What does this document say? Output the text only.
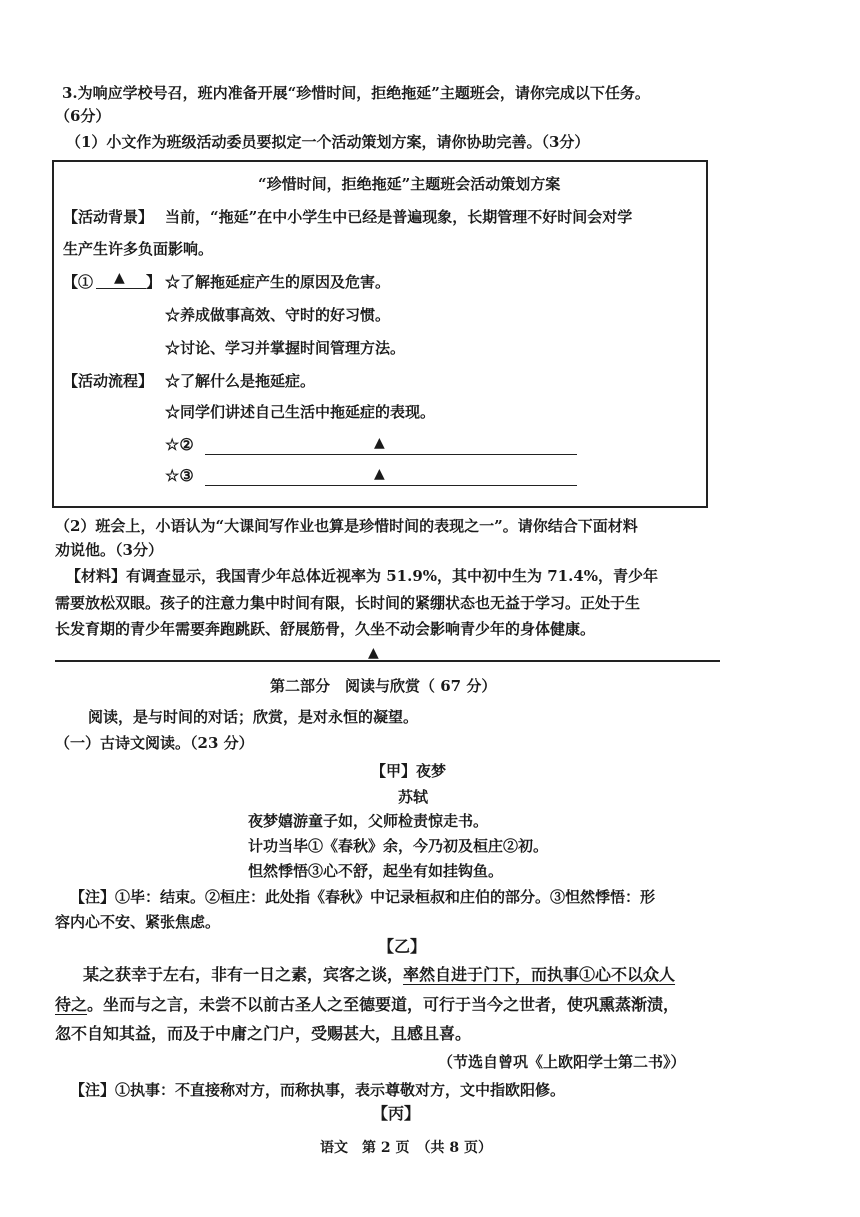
3.为响应学校号召，班内准备开展“珍惜时间，拒绝拖延”主题班会，请你完成以下任务。
（6分）
（1）小文作为班级活动委员要拟定一个活动策划方案，请你协助完善。（3分）
“珍惜时间，拒绝拖延”主题班会活动策划方案
【活动背景】 当前，“拖延”在中小学生中已经是普遍现象，长期管理不好时间会对学
生产生许多负面影响。
【① ▲ 】 ☆了解拖延症产生的原因及危害。
☆养成做事高效、守时的好习惯。
☆讨论、学习并掌握时间管理方法。
【活动流程】 ☆了解什么是拖延症。
☆同学们讲述自己生活中拖延症的表现。
☆②	▲
☆③	▲
（2）班会上，小语认为“大课间写作业也算是珍惜时间的表现之一”。请你结合下面材料
劝说他。（3分）
【材料】有调查显示，我国青少年总体近视率为 51.9%，其中初中生为 71.4%，青少年
需要放松双眼。孩子的注意力集中时间有限，长时间的紧绷状态也无益于学习。正处于生
长发育期的青少年需要奔跑跳跃、舒展筋骨，久坐不动会影响青少年的身体健康。
▲
第二部分　阅读与欣赏（ 67 分）
阅读，是与时间的对话；欣赏，是对永恒的凝望。
（一）古诗文阅读。（23 分）
【甲】夜梦
苏轼
夜梦嬉游童子如，父师检责惊走书。
计功当毕①《春秋》余，今乃初及桓庄②初。
怛然悸悟③心不舒，起坐有如挂钩鱼。
【注】①毕：结束。②桓庄：此处指《春秋》中记录桓叔和庄伯的部分。③怛然悸悟：形
容内心不安、紧张焦虑。
【乙】
某之获幸于左右，非有一日之素，宾客之谈，率然自进于门下，而执事①心不以众人
待之。坐而与之言，未尝不以前古圣人之至德要道，可行于当今之世者，使巩熏蒸渐渍，
忽不自知其益，而及于中庸之门户，受赐甚大，且感且喜。
（节选自曾巩《上欧阳学士第二书》）
【注】①执事：不直接称对方，而称执事，表示尊敬对方，文中指欧阳修。
【丙】
语文　第 2 页　（共 8 页）
